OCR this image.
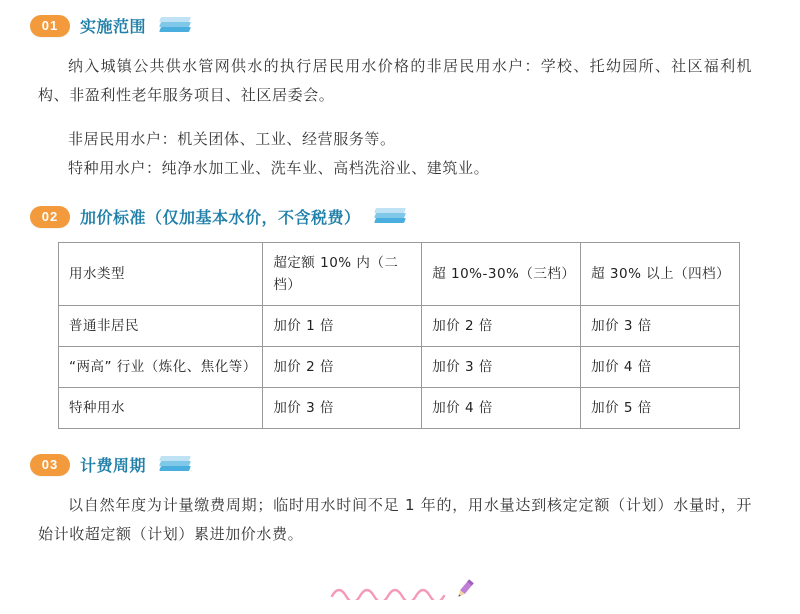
01	实施范围

纳入城镇公共供水管网供水的执行居民用水价格的非居民用水户：学校、托幼园所、社区福利机构、非盈利性老年服务项目、社区居委会。

非居民用水户：机关团体、工业、经营服务等。

特种用水户：纯净水加工业、洗车业、高档洗浴业、建筑业。

02	加价标准（仅加基本水价，不含税费）
用水类型	超定额 10% 内（二档）	超 10%-30%（三档）	超 30% 以上（四档）
普通非居民	加价 1 倍	加价 2 倍	加价 3 倍
“两高” 行业（炼化、焦化等）	加价 2 倍	加价 3 倍	加价 4 倍
特种用水	加价 3 倍	加价 4 倍	加价 5 倍
03	计费周期

以自然年度为计量缴费周期；临时用水时间不足 1 年的，用水量达到核定定额（计划）水量时，开始计收超定额（计划）累进加价水费。
